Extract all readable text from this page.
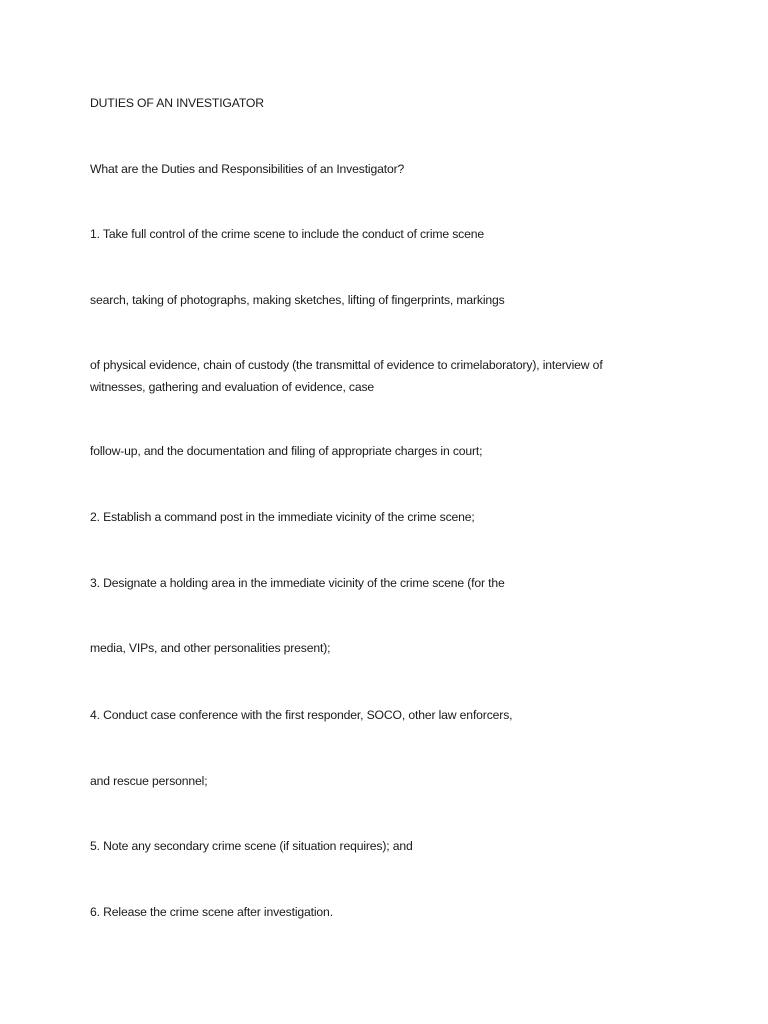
DUTIES OF AN INVESTIGATOR
What are the Duties and Responsibilities of an Investigator?
1. Take full control of the crime scene to include the conduct of crime scene
search, taking of photographs, making sketches, lifting of fingerprints, markings
of physical evidence, chain of custody (the transmittal of evidence to crimelaboratory), interview of
witnesses, gathering and evaluation of evidence, case
follow-up, and the documentation and filing of appropriate charges in court;
2. Establish a command post in the immediate vicinity of the crime scene;
3. Designate a holding area in the immediate vicinity of the crime scene (for the
media, VIPs, and other personalities present);
4. Conduct case conference with the first responder, SOCO, other law enforcers,
and rescue personnel;
5. Note any secondary crime scene (if situation requires); and
6. Release the crime scene after investigation.
